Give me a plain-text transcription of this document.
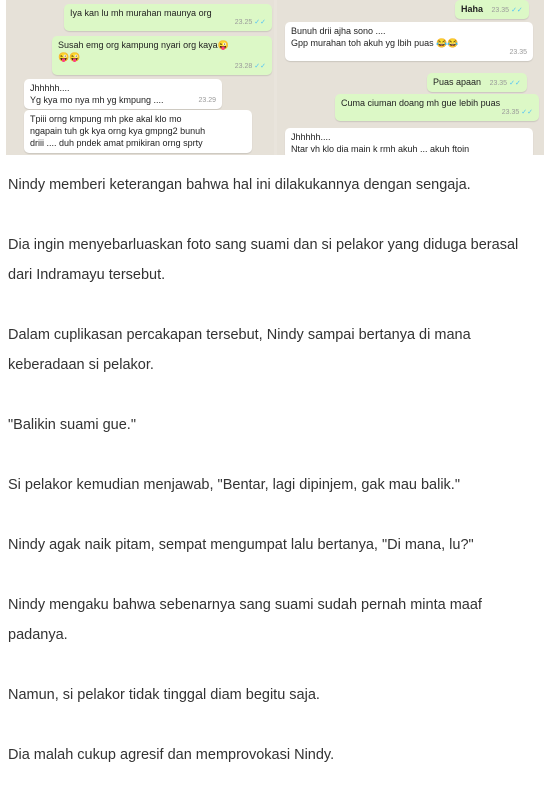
Iya kan lu mh murahan maunya org
23.25 ✓✓
Susah emg org kampung nyari org kaya😜
😜😜
23.28 ✓✓
Jhhhhh....
Yg kya mo nya mh yg kmpung ....	23.29
Tpiii orng kmpung mh pke akal klo mo
ngapain tuh gk kya orng kya gmpng2 bunuh
driii .... duh pndek amat pmikiran orng sprty
Haha 23.35 ✓✓
Bunuh drii ajha sono ....
Gpp murahan toh akuh yg lbih puas 😂😂
23.35
Puas apaan 23.35 ✓✓
Cuma ciuman doang mh gue lebih puas
23.35 ✓✓
Jhhhhh....
Ntar vh klo dia main k rmh akuh ... akuh ftoin

Nindy memberi keterangan bahwa hal ini dilakukannya dengan sengaja.

Dia ingin menyebarluaskan foto sang suami dan si pelakor yang diduga berasal dari Indramayu tersebut.

Dalam cuplikasan percakapan tersebut, Nindy sampai bertanya di mana keberadaan si pelakor.

"Balikin suami gue."

Si pelakor kemudian menjawab, "Bentar, lagi dipinjem, gak mau balik."

Nindy agak naik pitam, sempat mengumpat lalu bertanya, "Di mana, lu?"

Nindy mengaku bahwa sebenarnya sang suami sudah pernah minta maaf padanya.

Namun, si pelakor tidak tinggal diam begitu saja.

Dia malah cukup agresif dan memprovokasi Nindy.
